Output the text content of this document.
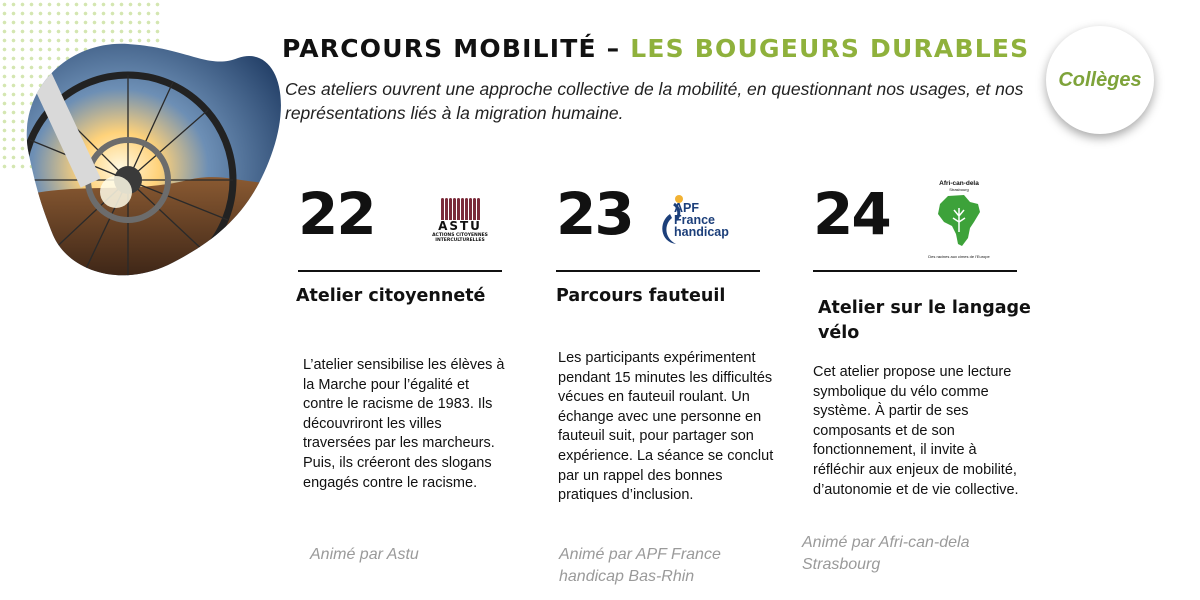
PARCOURS MOBILITÉ – LES BOUGEURS DURABLES
Ces ateliers ouvrent une approche collective de la mobilité, en questionnant nos usages, et nos
représentations liés à la migration humaine.
Collèges
22	ASTU
ACTIONS CITOYENNES
INTERCULTURELLES
Atelier citoyenneté
L’atelier sensibilise les élèves à
la Marche pour l’égalité et
contre le racisme de 1983. Ils
découvriront les villes
traversées par les marcheurs.
Puis, ils créeront des slogans
engagés contre le racisme.
Animé par Astu
23	APF
France
handicap
Parcours fauteuil
Les participants expérimentent
pendant 15 minutes les difficultés
vécues en fauteuil roulant. Un
échange avec une personne en
fauteuil suit, pour partager son
expérience. La séance se conclut
par un rappel des bonnes
pratiques d’inclusion.
Animé par APF France
handicap Bas-Rhin
24	Afri-can-dela
Strasbourg
Des racines aux cimes de l'Europe
Atelier sur le langage
vélo
Cet atelier propose une lecture
symbolique du vélo comme
système. À partir de ses
composants et de son
fonctionnement, il invite à
réfléchir aux enjeux de mobilité,
d’autonomie et de vie collective.
Animé par Afri-can-dela
Strasbourg
